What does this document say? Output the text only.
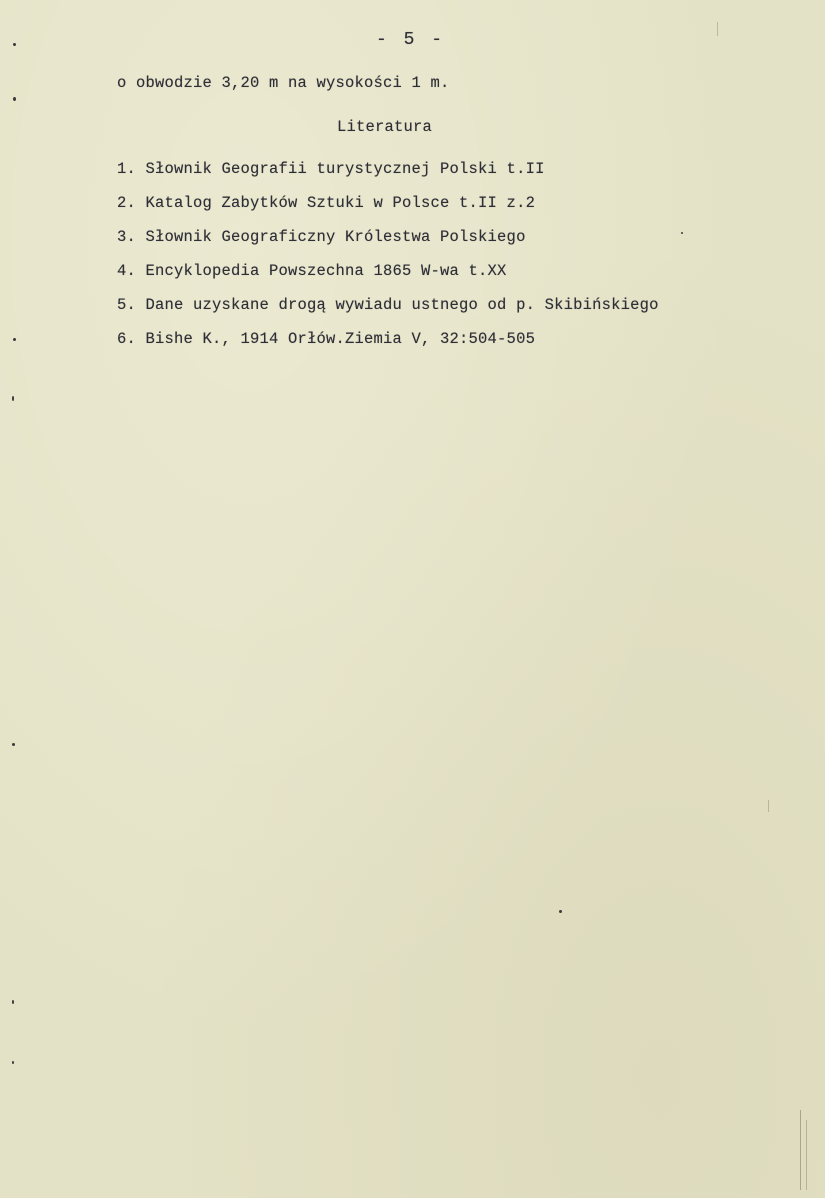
- 5 -
o obwodzie 3,20 m na wysokości 1 m.
Literatura
1. Słownik Geografii turystycznej Polski t.II
2. Katalog Zabytków Sztuki w Polsce t.II z.2
3. Słownik Geograficzny Królestwa Polskiego
4. Encyklopedia Powszechna 1865 W-wa t.XX
5. Dane uzyskane drogą wywiadu ustnego od p. Skibińskiego
6. Bishe K., 1914 Orłów.Ziemia V, 32:504-505
